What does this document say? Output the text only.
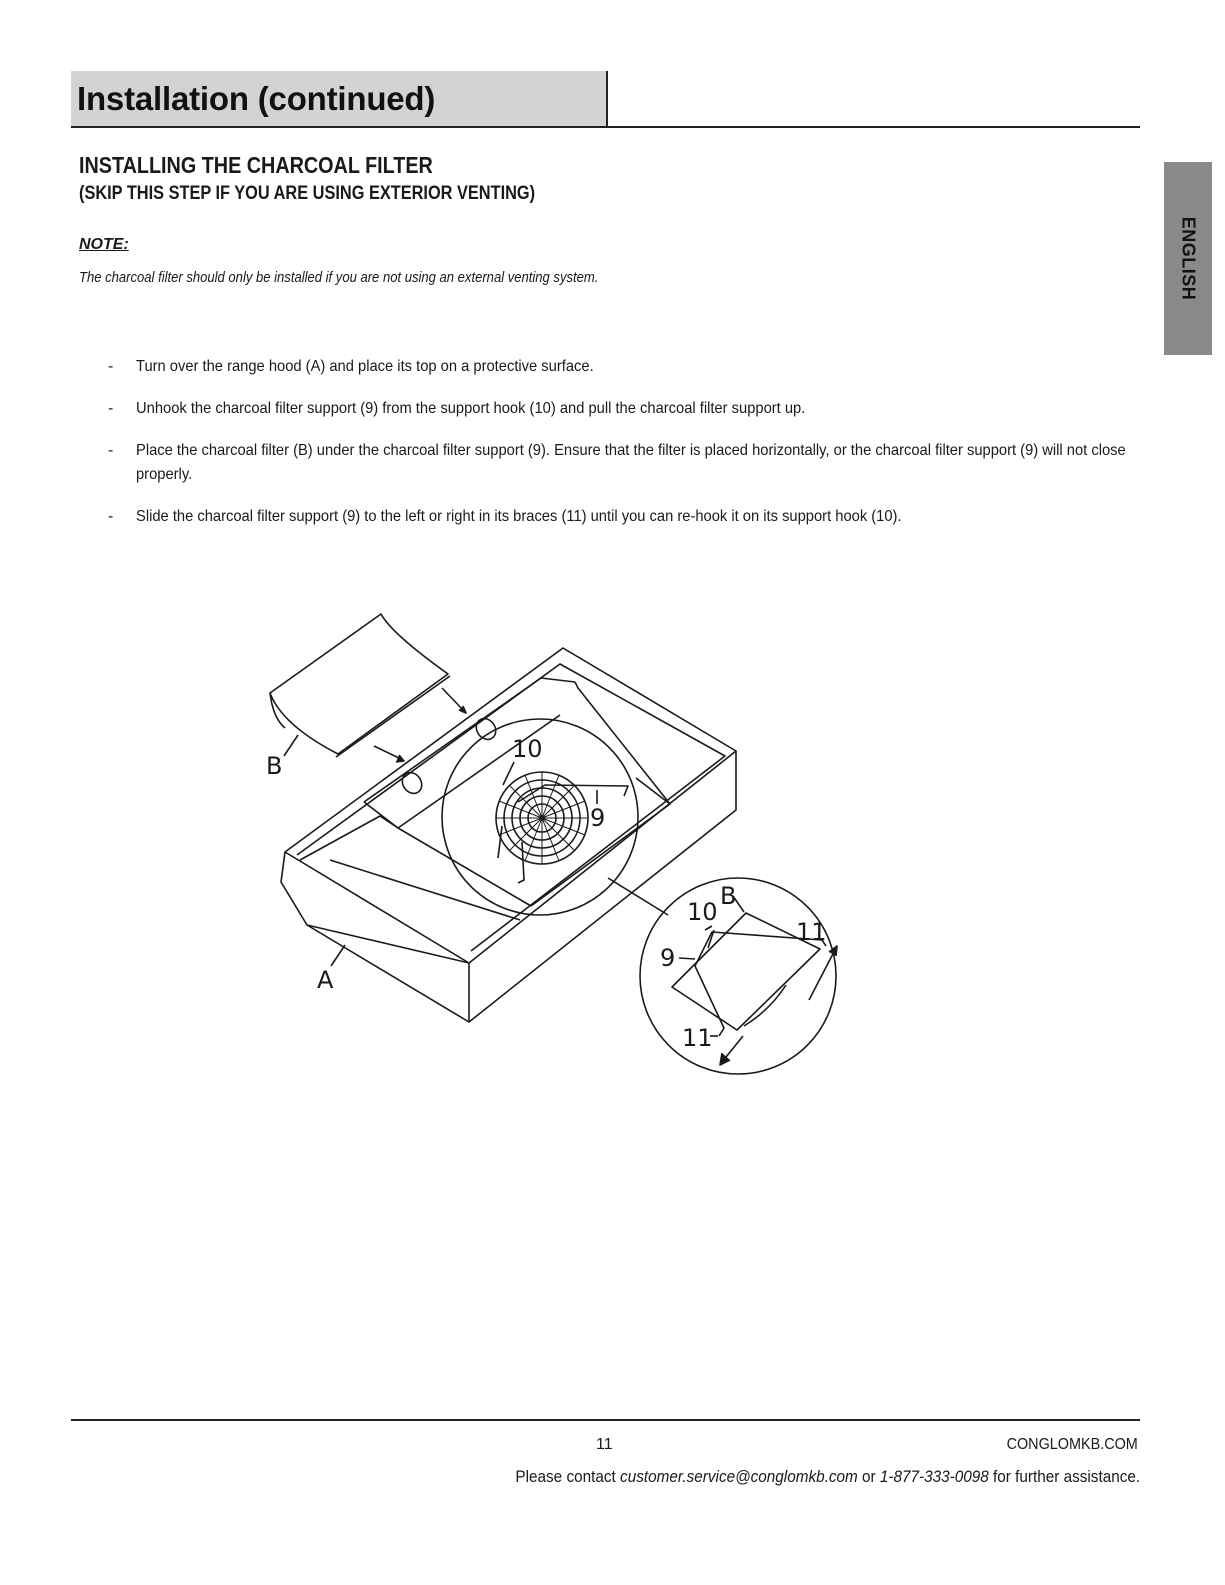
Installation (continued)
ENGLISH
INSTALLING THE CHARCOAL FILTER
(SKIP THIS STEP IF YOU ARE USING EXTERIOR VENTING)
NOTE:
The charcoal filter should only be installed if you are not using an external venting system.
- Turn over the range hood (A) and place its top on a protective surface.
- Unhook the charcoal filter support (9) from the support hook (10) and pull the charcoal filter support up.
- Place the charcoal filter (B) under the charcoal filter support (9). Ensure that the filter is placed horizontally, or the charcoal filter support (9) will not close properly.
- Slide the charcoal filter support (9) to the left or right in its braces (11) until you can re-hook it on its support hook (10).
B
A
10
9
B
10
9
11
11
11	CONGLOMKB.COM
Please contact customer.service@conglomkb.com or 1-877-333-0098 for further assistance.
